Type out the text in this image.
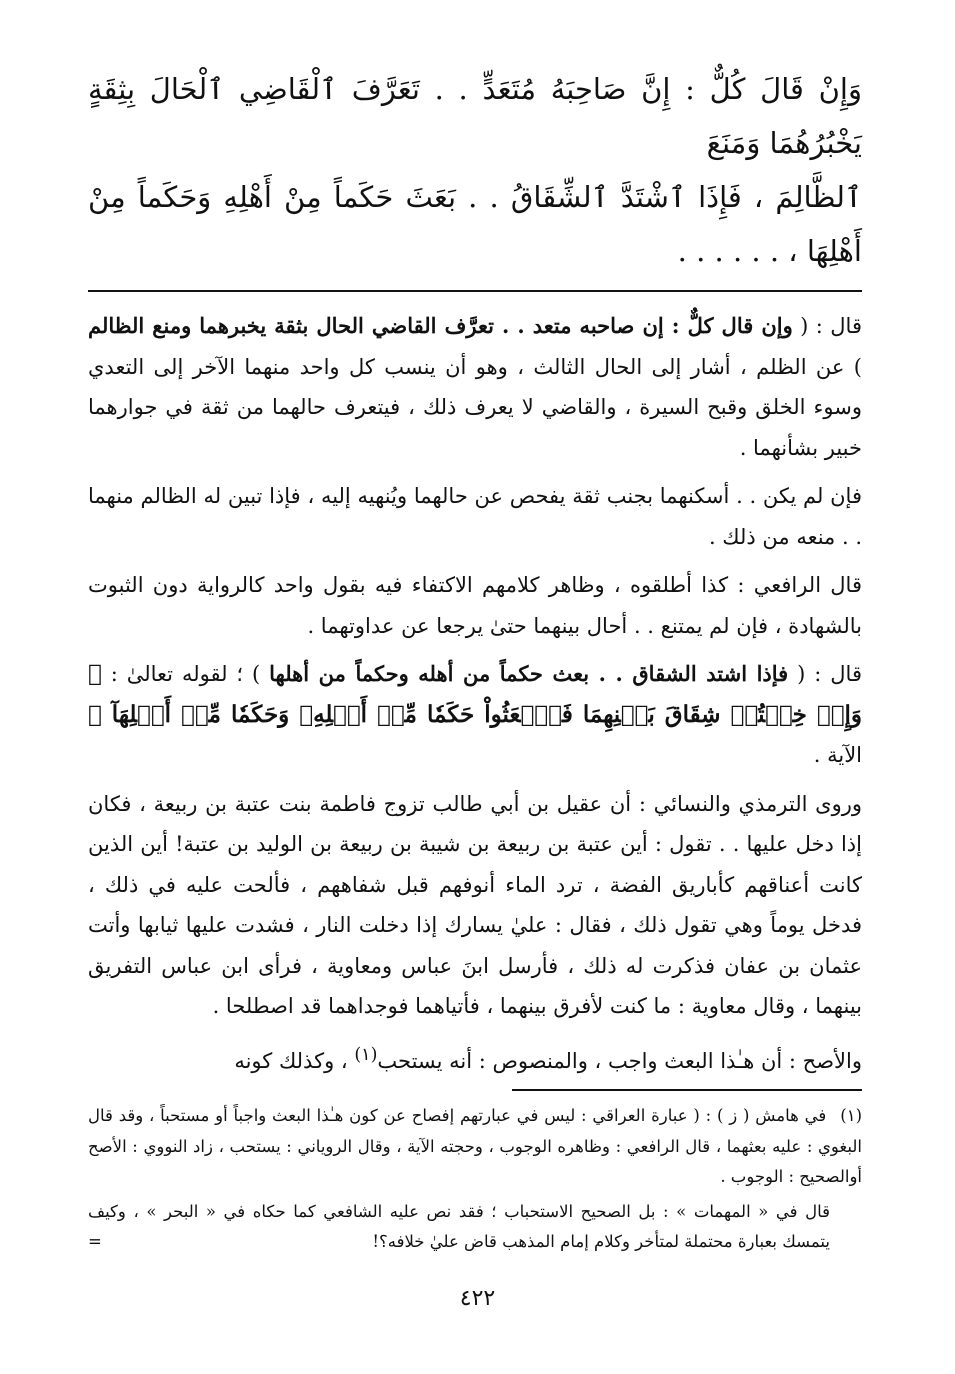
وَإِنْ قَالَ كُلٌّ : إِنَّ صَاحِبَهُ مُتَعَدٍّ . . تَعَرَّفَ ٱلْقَاضِي ٱلْحَالَ بِثِقَةٍ يَخْبُرُهُمَا وَمَنَعَ
ٱلظَّالِمَ ، فَإِذَا ٱشْتَدَّ ٱلشِّقَاقُ . . بَعَثَ حَكَماً مِنْ أَهْلِهِ وَحَكَماً مِنْ أَهْلِهَا ، . . . . . .

قال : ( وإن قال كلٌّ : إن صاحبه متعد . . تعرَّف القاضي الحال بثقة يخبرهما ومنع الظالم ) عن الظلم ، أشار إلى الحال الثالث ، وهو أن ينسب كل واحد منهما الآخر إلى التعدي وسوء الخلق وقبح السيرة ، والقاضي لا يعرف ذلك ، فيتعرف حالهما من ثقة في جوارهما خبير بشأنهما .

فإن لم يكن . . أسكنهما بجنب ثقة يفحص عن حالهما ويُنهيه إليه ، فإذا تبين له الظالم منهما . . منعه من ذلك .

قال الرافعي : كذا أطلقوه ، وظاهر كلامهم الاكتفاء فيه بقول واحد كالرواية دون الثبوت بالشهادة ، فإن لم يمتنع . . أحال بينهما حتىٰ يرجعا عن عداوتهما .

قال : ( فإذا اشتد الشقاق . . بعث حكماً من أهله وحكماً من أهلها ) ؛ لقوله تعالىٰ : ﴿ وَإِنۡ خِفۡتُمۡ شِقَاقَ بَيۡنِهِمَا فَٱبۡعَثُواْ حَكَمٗا مِّنۡ أَهۡلِهِۦ وَحَكَمٗا مِّنۡ أَهۡلِهَآ ﴾ الآية .

وروى الترمذي والنسائي : أن عقيل بن أبي طالب تزوج فاطمة بنت عتبة بن ربيعة ، فكان إذا دخل عليها . . تقول : أين عتبة بن ربيعة بن شيبة بن ربيعة بن الوليد بن عتبة! أين الذين كانت أعناقهم كأباريق الفضة ، ترد الماء أنوفهم قبل شفاههم ، فألحت عليه في ذلك ، فدخل يوماً وهي تقول ذلك ، فقال : عليٰ يسارك إذا دخلت النار ، فشدت عليها ثيابها وأتت عثمان بن عفان فذكرت له ذلك ، فأرسل ابنَ عباس ومعاوية ، فرأى ابن عباس التفريق بينهما ، وقال معاوية : ما كنت لأفرق بينهما ، فأتياهما فوجداهما قد اصطلحا .

والأصح : أن هـٰذا البعث واجب ، والمنصوص : أنه يستحب$^{(١)}$ ، وكذلك كونه

(١)في هامش ( ز ) : ( عبارة العراقي : ليس في عبارتهم إفصاح عن كون هـٰذا البعث واجباً أو مستحباً ، وقد قال البغوي : عليه بعثهما ، قال الرافعي : وظاهره الوجوب ، وحجته الآية ، وقال الروياني : يستحب ، زاد النووي : الأصح أوالصحيح : الوجوب .

قال في « المهمات » : بل الصحيح الاستحباب ؛ فقد نص عليه الشافعي كما حكاه في « البحر » ، وكيف يتمسك بعبارة محتملة لمتأخر وكلام إمام المذهب قاض عليٰ خلافه؟!
=

٤٢٢
